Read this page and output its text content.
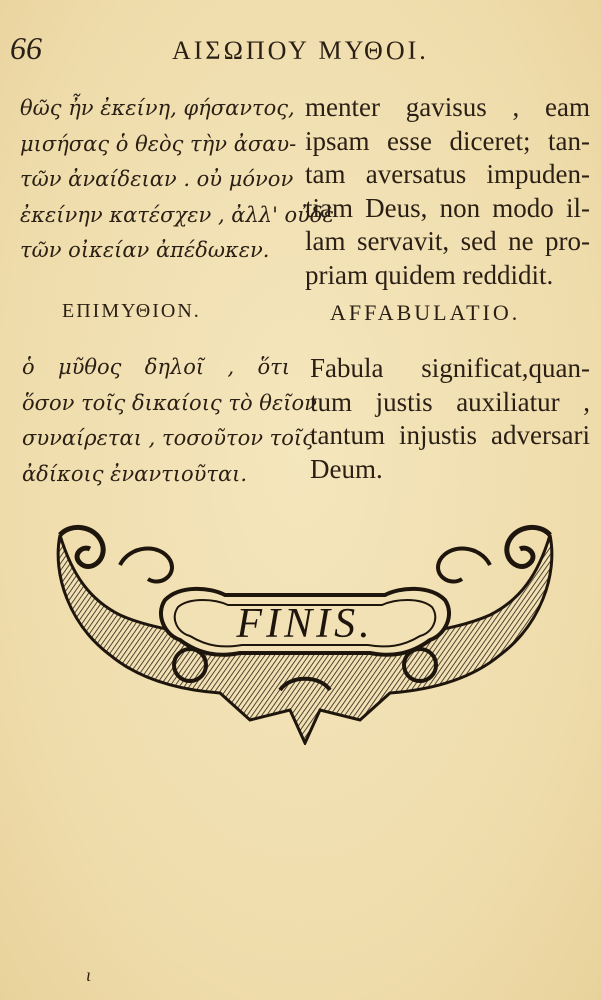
66	ΑΙΣΩΠΟΥ ΜΥΘΟΙ.
θῶς ἦν ἐκείνη, φήσαντος,
μισήσας ὁ θεὸς τὴν ἀσαυ-
τῶν ἀναίδειαν . οὐ μόνον
ἐκείνην κατέσχεν , ἀλλ' οὐδὲ
τῶν οἰκείαν ἀπέδωκεν.
menter gavisus , eam
ipsam esse diceret; tan-
tam aversatus impuden-
tiam Deus, non modo il-
lam servavit, sed ne pro-
priam quidem reddidit.
ΕΠΙΜΥΘΙΟΝ.	AFFABULATIO.
ὁ μῦθος δηλοῖ , ὅτι
ὅσον τοῖς δικαίοις τὸ θεῖον
συναίρεται , τοσοῦτον τοῖς
ἀδίκοις ἐναντιοῦται.
Fabula significat,quan-
tum justis auxiliatur ,
tantum injustis adversari
Deum.
FINIS.
ι
